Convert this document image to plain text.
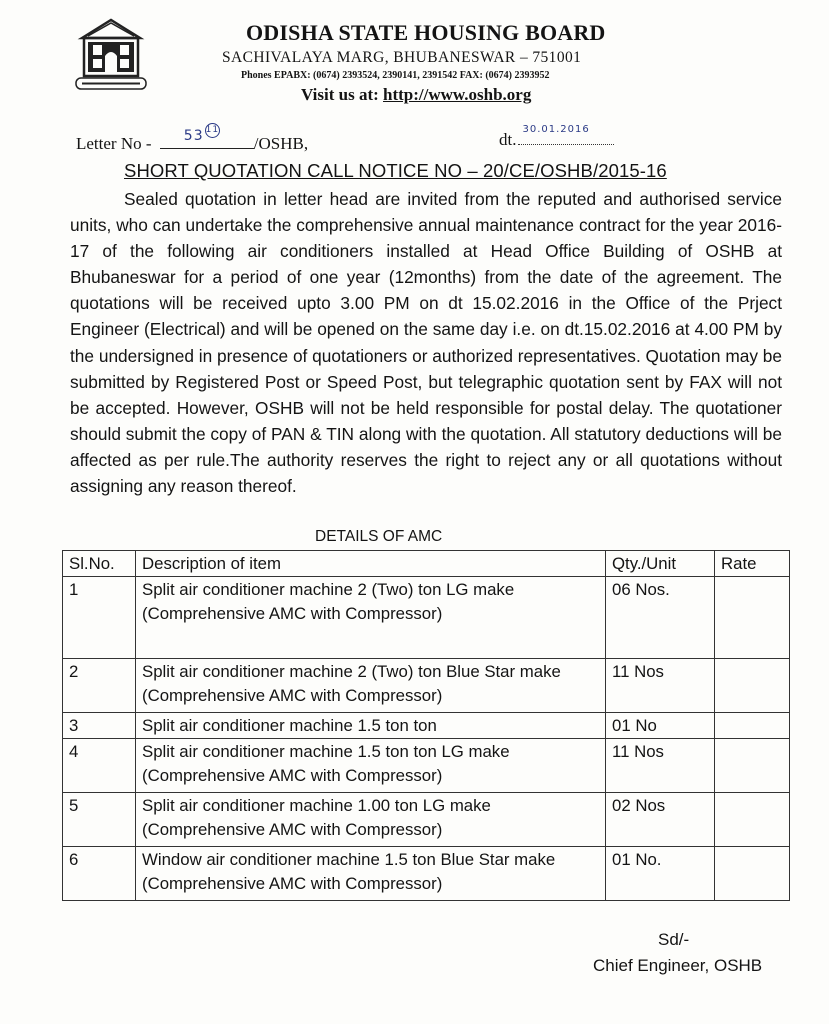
ODISHA STATE HOUSING BOARD
SACHIVALAYA MARG, BHUBANESWAR – 751001
Phones EPABX: (0674) 2393524, 2390141, 2391542 FAX: (0674) 2393952
Visit us at: http://www.oshb.org
Letter No - 53 11
/OSHB,	dt.
30.01.2016
SHORT QUOTATION CALL NOTICE NO – 20/CE/OSHB/2015-16
Sealed quotation in letter head are invited from the reputed and authorised service units, who can undertake the comprehensive annual maintenance contract for the year 2016-17 of the following air conditioners installed at Head Office Building of OSHB at Bhubaneswar for a period of one year (12months) from the date of the agreement. The quotations will be received upto 3.00 PM on dt 15.02.2016 in the Office of the Prject Engineer (Electrical) and will be opened on the same day i.e. on dt.15.02.2016 at 4.00 PM by the undersigned in presence of quotationers or authorized representatives. Quotation may be submitted by Registered Post or Speed Post, but telegraphic quotation sent by FAX will not be accepted. However, OSHB will not be held responsible for postal delay. The quotationer should submit the copy of PAN & TIN along with the quotation. All statutory deductions will be affected as per rule.The authority reserves the right to reject any or all quotations without assigning any reason thereof.
DETAILS OF AMC
Sl.No.	Description of item	Qty./Unit	Rate
1	Split air conditioner machine 2 (Two) ton LG make (Comprehensive AMC with Compressor)	06 Nos.	
2	Split air conditioner machine 2 (Two) ton Blue Star make (Comprehensive AMC with Compressor)	11 Nos	
3	Split air conditioner machine 1.5 ton ton	01 No	
4	Split air conditioner machine 1.5 ton ton LG make (Comprehensive AMC with Compressor)	11 Nos	
5	Split air conditioner machine 1.00 ton LG make (Comprehensive AMC with Compressor)	02 Nos	
6	Window air conditioner machine 1.5 ton Blue Star make (Comprehensive AMC with Compressor)	01 No.	
Sd/-
Chief Engineer, OSHB
